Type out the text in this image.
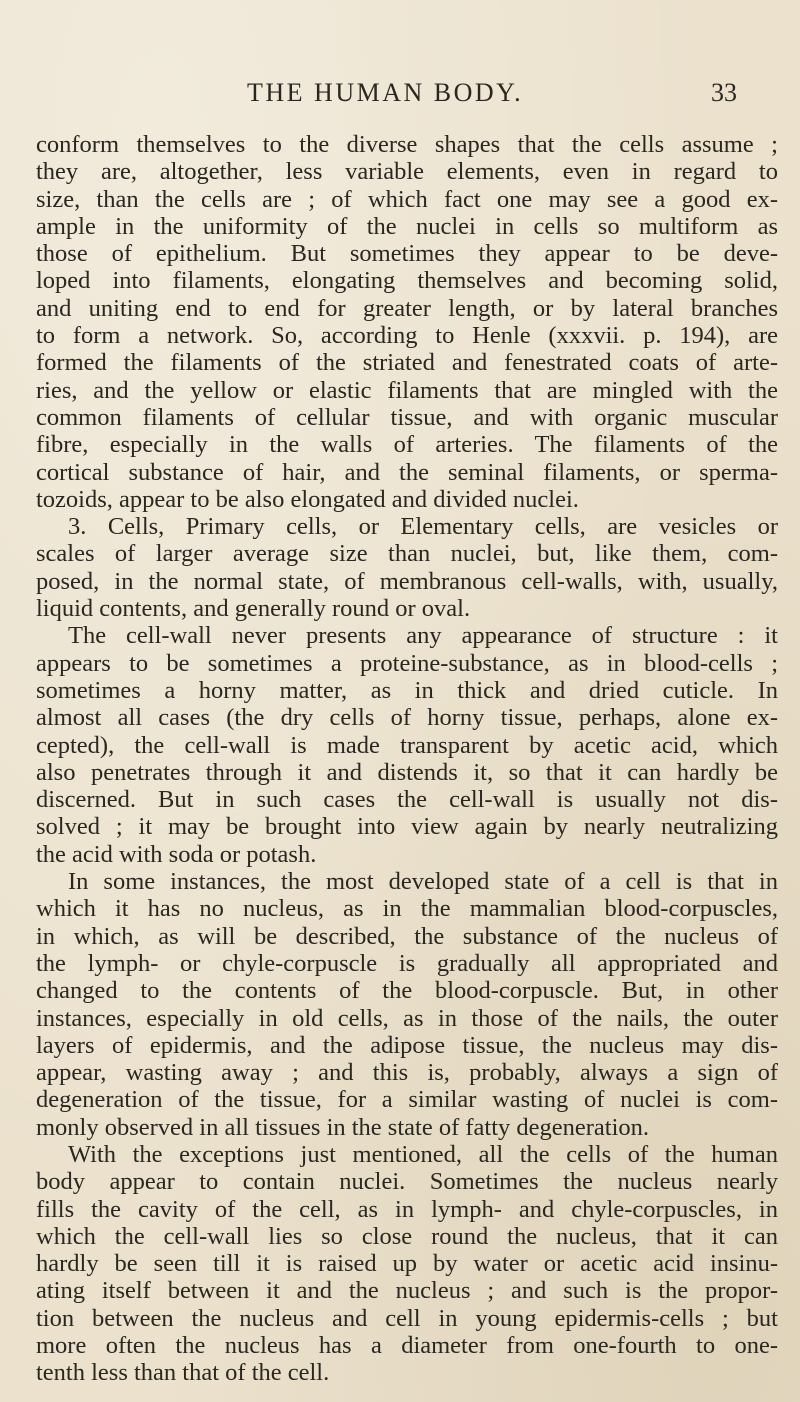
THE HUMAN BODY.	33
conform themselves to the diverse shapes that the cells assume ;
they are, altogether, less variable elements, even in regard to
size, than the cells are ; of which fact one may see a good ex-
ample in the uniformity of the nuclei in cells so multiform as
those of epithelium. But sometimes they appear to be deve-
loped into filaments, elongating themselves and becoming solid,
and uniting end to end for greater length, or by lateral branches
to form a network. So, according to Henle (xxxvii. p. 194), are
formed the filaments of the striated and fenestrated coats of arte-
ries, and the yellow or elastic filaments that are mingled with the
common filaments of cellular tissue, and with organic muscular
fibre, especially in the walls of arteries. The filaments of the
cortical substance of hair, and the seminal filaments, or sperma-
tozoids, appear to be also elongated and divided nuclei.
3. Cells, Primary cells, or Elementary cells, are vesicles or
scales of larger average size than nuclei, but, like them, com-
posed, in the normal state, of membranous cell-walls, with, usually,
liquid contents, and generally round or oval.
The cell-wall never presents any appearance of structure : it
appears to be sometimes a proteine-substance, as in blood-cells ;
sometimes a horny matter, as in thick and dried cuticle. In
almost all cases (the dry cells of horny tissue, perhaps, alone ex-
cepted), the cell-wall is made transparent by acetic acid, which
also penetrates through it and distends it, so that it can hardly be
discerned. But in such cases the cell-wall is usually not dis-
solved ; it may be brought into view again by nearly neutralizing
the acid with soda or potash.
In some instances, the most developed state of a cell is that in
which it has no nucleus, as in the mammalian blood-corpuscles,
in which, as will be described, the substance of the nucleus of
the lymph- or chyle-corpuscle is gradually all appropriated and
changed to the contents of the blood-corpuscle. But, in other
instances, especially in old cells, as in those of the nails, the outer
layers of epidermis, and the adipose tissue, the nucleus may dis-
appear, wasting away ; and this is, probably, always a sign of
degeneration of the tissue, for a similar wasting of nuclei is com-
monly observed in all tissues in the state of fatty degeneration.
With the exceptions just mentioned, all the cells of the human
body appear to contain nuclei. Sometimes the nucleus nearly
fills the cavity of the cell, as in lymph- and chyle-corpuscles, in
which the cell-wall lies so close round the nucleus, that it can
hardly be seen till it is raised up by water or acetic acid insinu-
ating itself between it and the nucleus ; and such is the propor-
tion between the nucleus and cell in young epidermis-cells ; but
more often the nucleus has a diameter from one-fourth to one-
tenth less than that of the cell.
